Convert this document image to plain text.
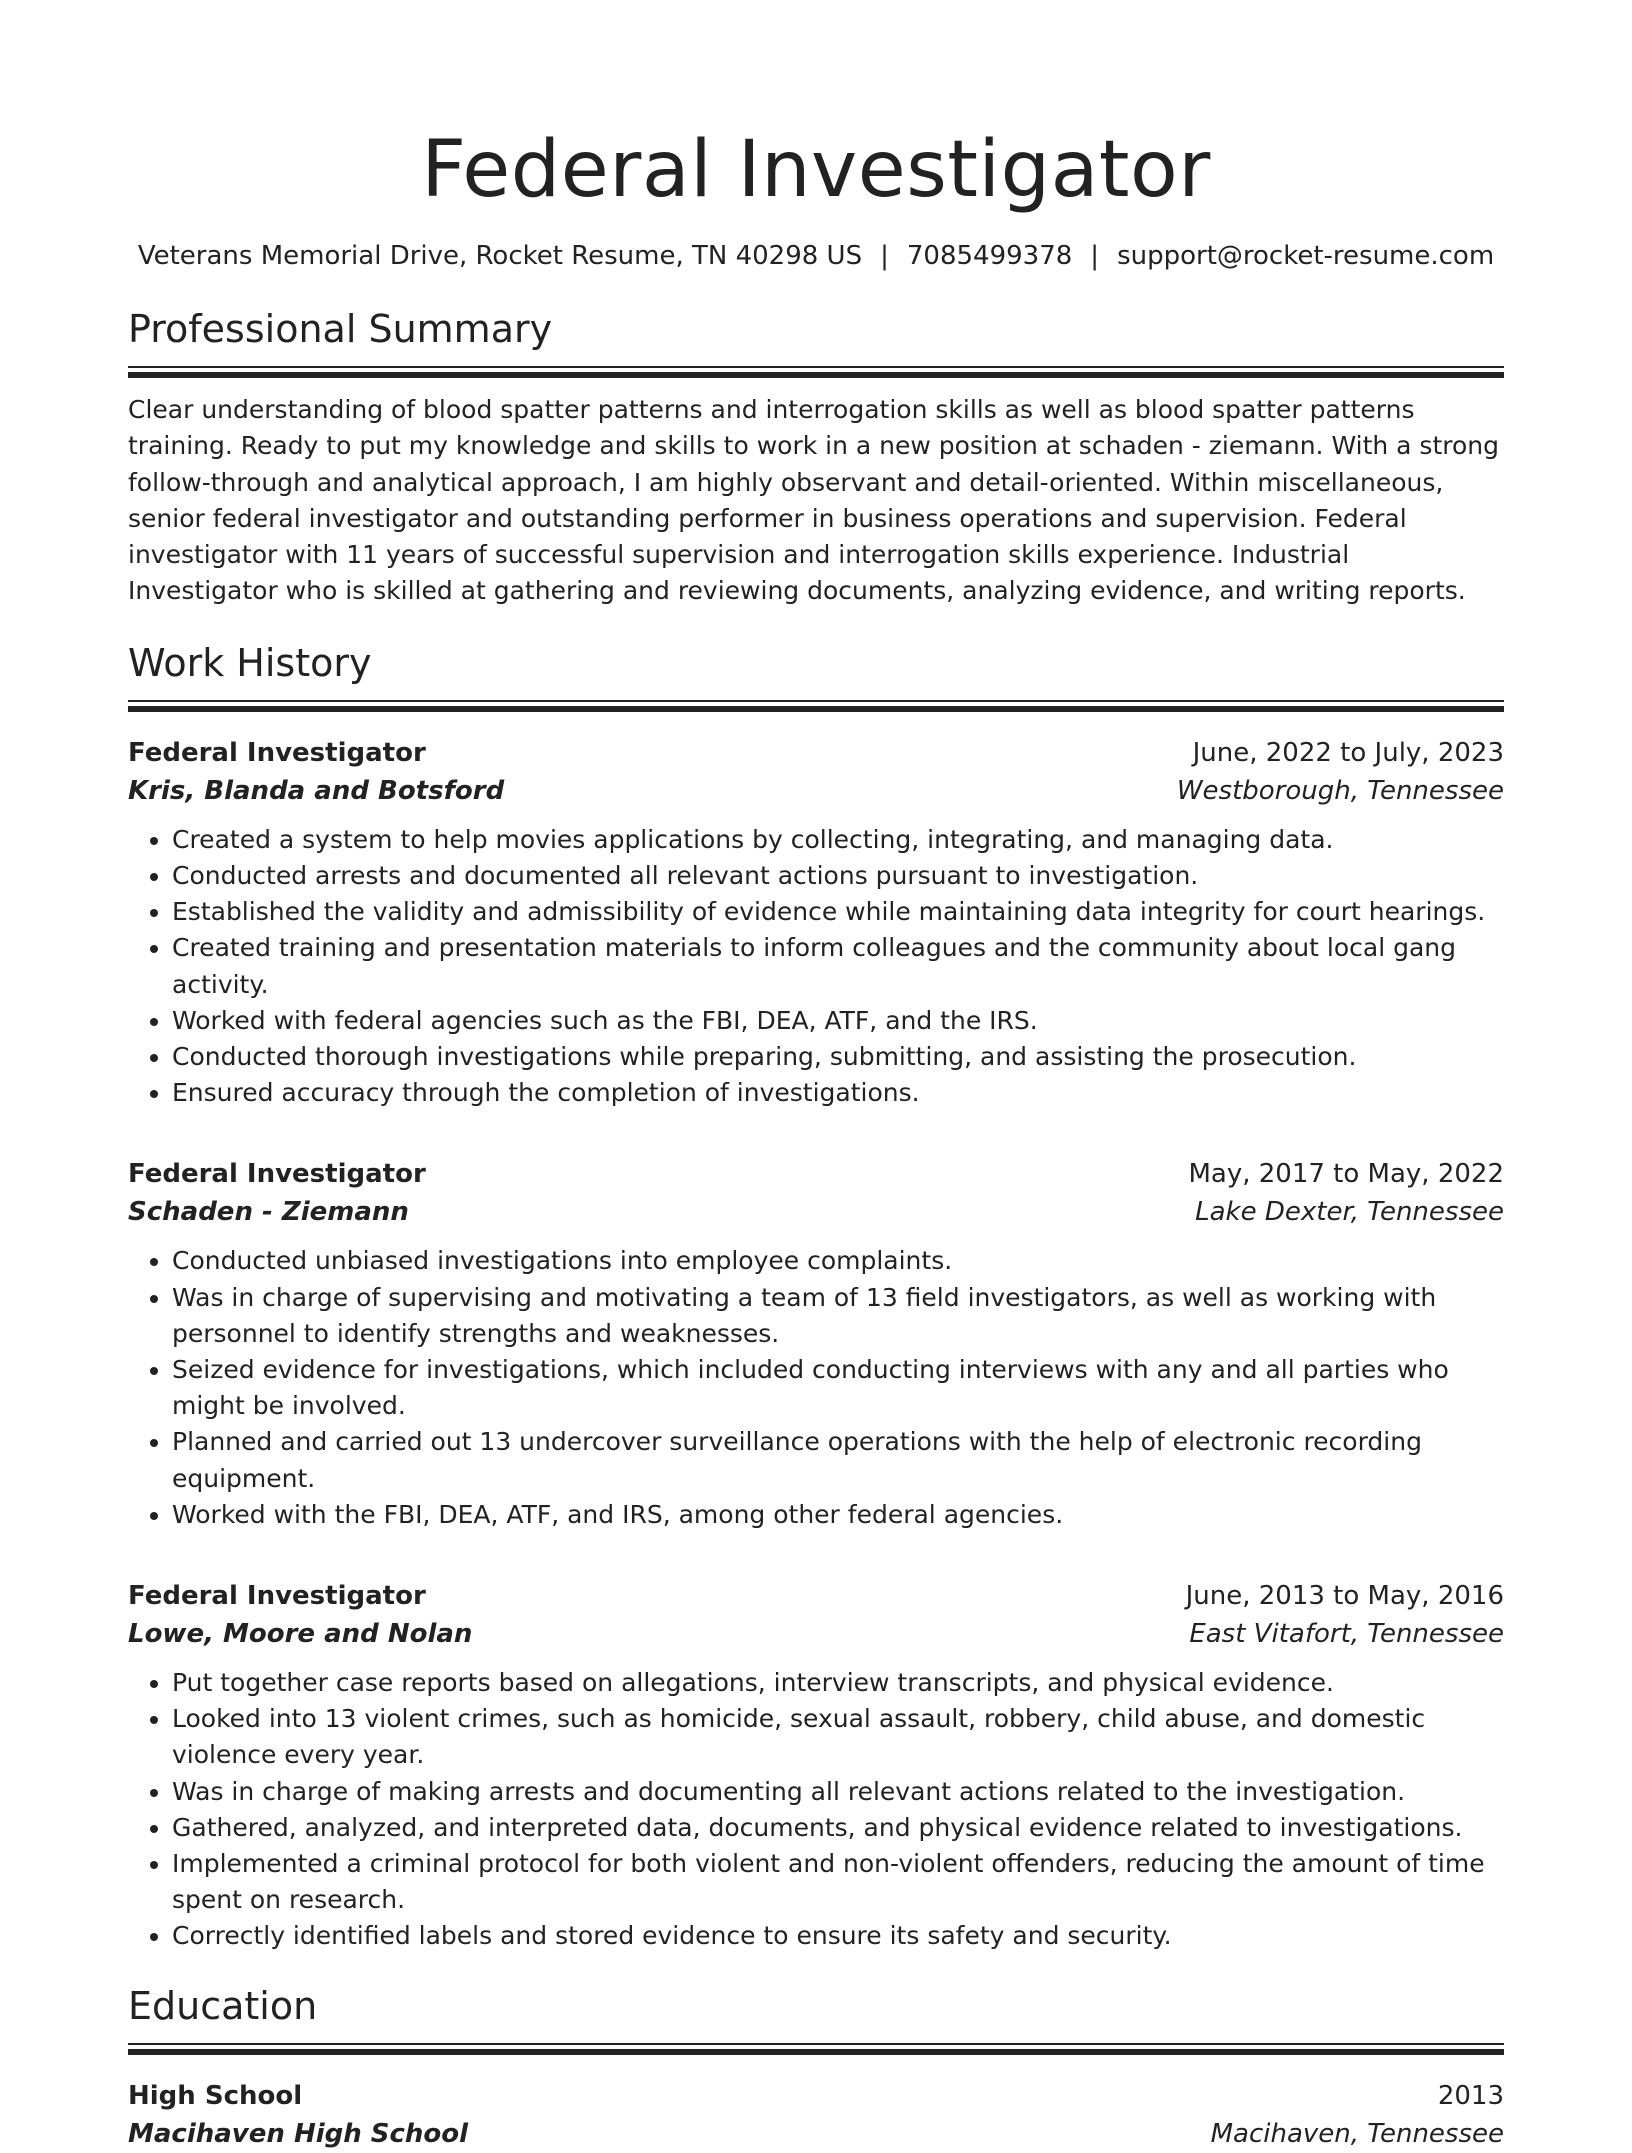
Federal Investigator
Veterans Memorial Drive, Rocket Resume, TN 40298 US | 7085499378 | support@rocket-resume.com
Professional Summary
Clear understanding of blood spatter patterns and interrogation skills as well as blood spatter patterns training. Ready to put my knowledge and skills to work in a new position at schaden - ziemann. With a strong follow-through and analytical approach, I am highly observant and detail-oriented. Within miscellaneous, senior federal investigator and outstanding performer in business operations and supervision. Federal investigator with 11 years of successful supervision and interrogation skills experience. Industrial Investigator who is skilled at gathering and reviewing documents, analyzing evidence, and writing reports.
Work History
Federal Investigator	June, 2022 to July, 2023
Kris, Blanda and Botsford	Westborough, Tennessee
• Created a system to help movies applications by collecting, integrating, and managing data.
• Conducted arrests and documented all relevant actions pursuant to investigation.
• Established the validity and admissibility of evidence while maintaining data integrity for court hearings.
• Created training and presentation materials to inform colleagues and the community about local gang activity.
• Worked with federal agencies such as the FBI, DEA, ATF, and the IRS.
• Conducted thorough investigations while preparing, submitting, and assisting the prosecution.
• Ensured accuracy through the completion of investigations.
Federal Investigator	May, 2017 to May, 2022
Schaden - Ziemann	Lake Dexter, Tennessee
• Conducted unbiased investigations into employee complaints.
• Was in charge of supervising and motivating a team of 13 field investigators, as well as working with personnel to identify strengths and weaknesses.
• Seized evidence for investigations, which included conducting interviews with any and all parties who might be involved.
• Planned and carried out 13 undercover surveillance operations with the help of electronic recording equipment.
• Worked with the FBI, DEA, ATF, and IRS, among other federal agencies.
Federal Investigator	June, 2013 to May, 2016
Lowe, Moore and Nolan	East Vitafort, Tennessee
• Put together case reports based on allegations, interview transcripts, and physical evidence.
• Looked into 13 violent crimes, such as homicide, sexual assault, robbery, child abuse, and domestic violence every year.
• Was in charge of making arrests and documenting all relevant actions related to the investigation.
• Gathered, analyzed, and interpreted data, documents, and physical evidence related to investigations.
• Implemented a criminal protocol for both violent and non-violent offenders, reducing the amount of time spent on research.
• Correctly identified labels and stored evidence to ensure its safety and security.
Education
High School	2013
Macihaven High School	Macihaven, Tennessee
